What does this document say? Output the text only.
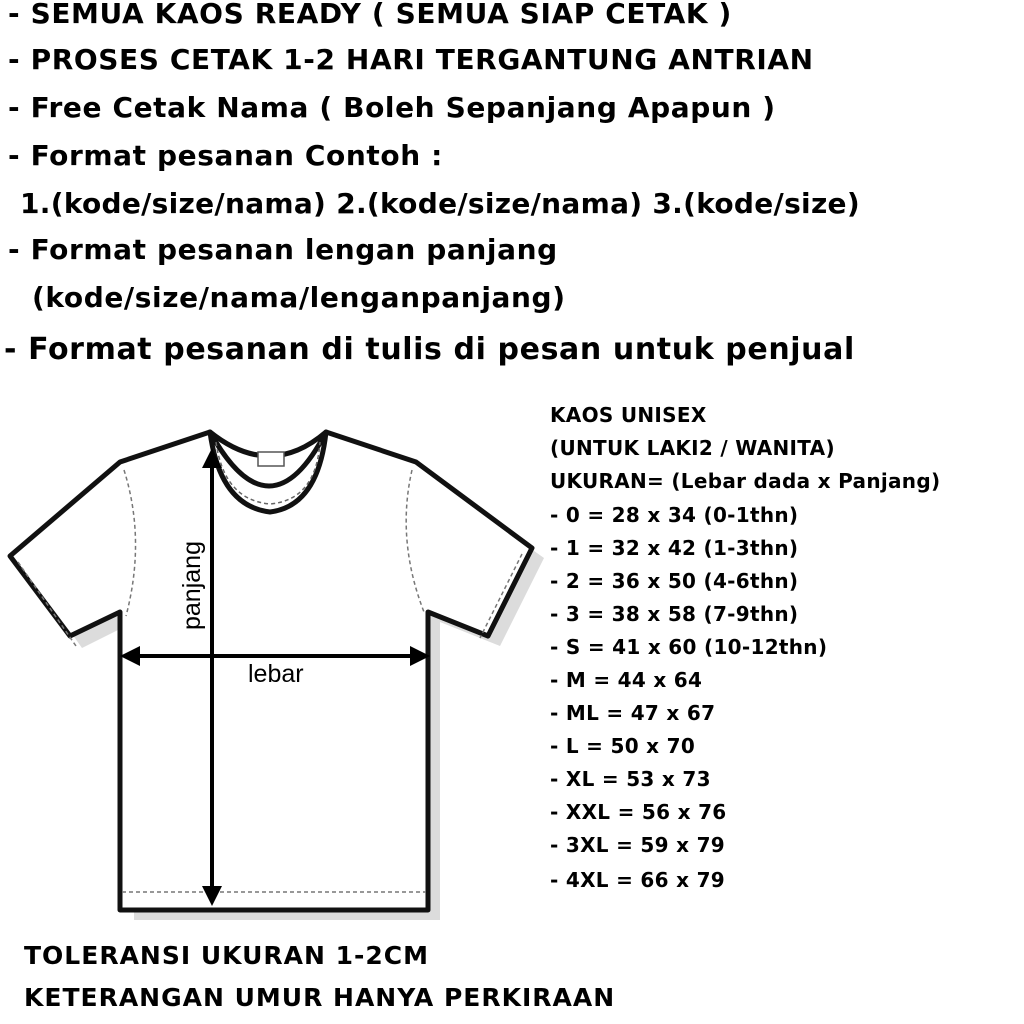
- SEMUA KAOS READY ( SEMUA SIAP CETAK )
- PROSES CETAK 1-2 HARI TERGANTUNG ANTRIAN
- Free Cetak Nama ( Boleh Sepanjang Apapun )
- Format pesanan Contoh :
1.(kode/size/nama) 2.(kode/size/nama) 3.(kode/size)
- Format pesanan lengan panjang
(kode/size/nama/lenganpanjang)
- Format pesanan di tulis di pesan untuk penjual
panjang
lebar
KAOS UNISEX
(UNTUK LAKI2 / WANITA)
UKURAN= (Lebar dada x Panjang)
- 0 = 28 x 34 (0-1thn)
- 1 = 32 x 42 (1-3thn)
- 2 = 36 x 50 (4-6thn)
- 3 = 38 x 58 (7-9thn)
- S = 41 x 60 (10-12thn)
- M = 44 x 64
- ML = 47 x 67
- L = 50 x 70
- XL = 53 x 73
- XXL = 56 x 76
- 3XL = 59 x 79
- 4XL = 66 x 79
TOLERANSI UKURAN 1-2CM
KETERANGAN UMUR HANYA PERKIRAAN
